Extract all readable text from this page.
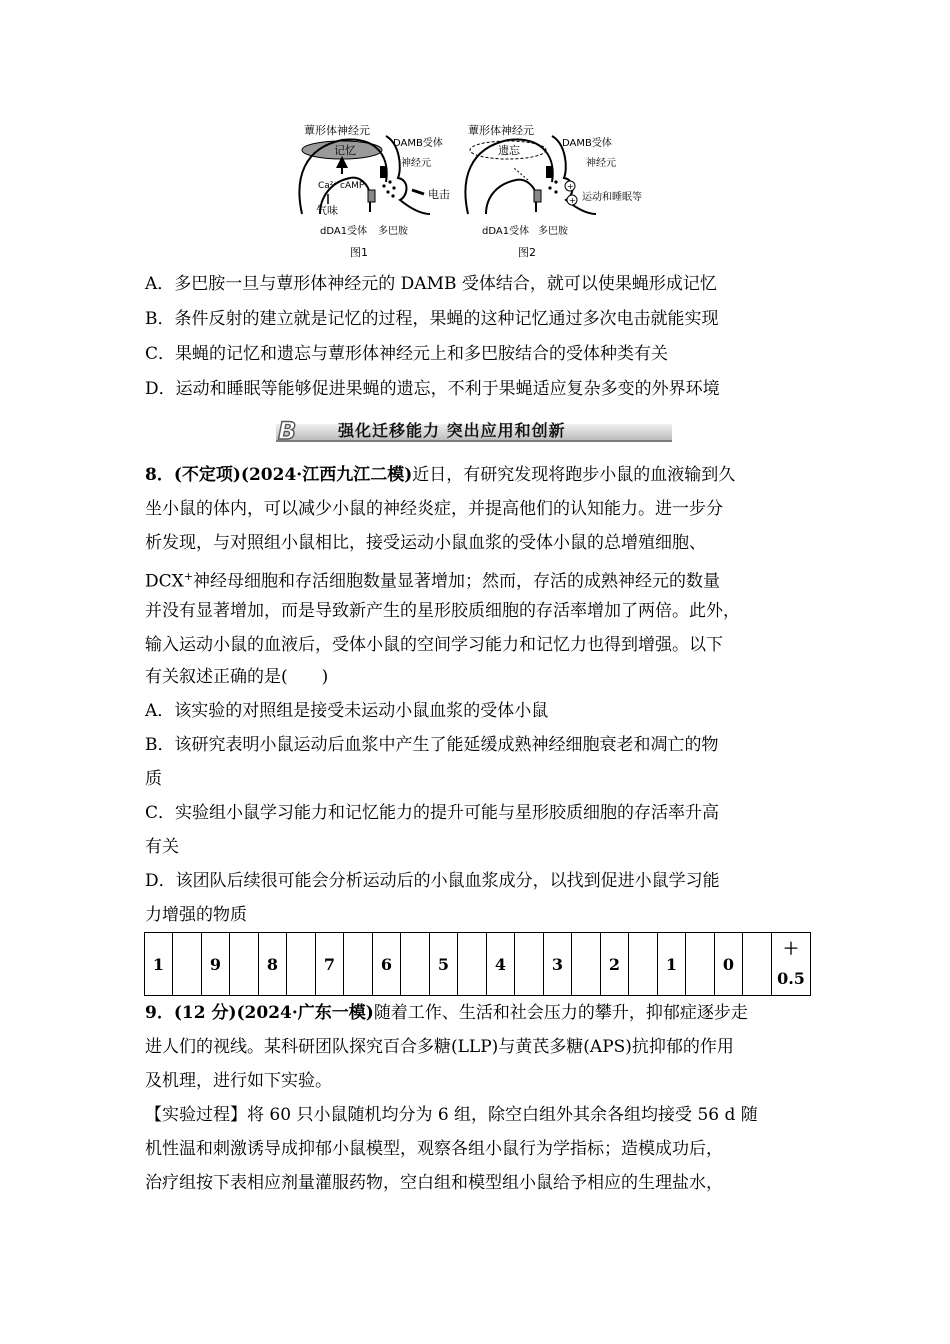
蕈形体神经元
记忆
Ca²⁺ cAMP
气味
DAMB受体
神经元
电击
dDA1受体 多巴胺
图1
蕈形体神经元
遗忘
+
+
DAMB受体
神经元
运动和睡眠等
dDA1受体 多巴胺
图2
A．多巴胺一旦与蕈形体神经元的 DAMB 受体结合，就可以使果蝇形成记忆
B．条件反射的建立就是记忆的过程，果蝇的这种记忆通过多次电击就能实现
C．果蝇的记忆和遗忘与蕈形体神经元上和多巴胺结合的受体种类有关
D．运动和睡眠等能够促进果蝇的遗忘，不利于果蝇适应复杂多变的外界环境
B	强化迁移能力 突出应用和创新
8．(不定项)(2024·江西九江二模)近日，有研究发现将跑步小鼠的血液输到久
坐小鼠的体内，可以减少小鼠的神经炎症，并提高他们的认知能力。进一步分
析发现，与对照组小鼠相比，接受运动小鼠血浆的受体小鼠的总增殖细胞、
DCX+神经母细胞和存活细胞数量显著增加；然而，存活的成熟神经元的数量
并没有显著增加，而是导致新产生的星形胶质细胞的存活率增加了两倍。此外，
输入运动小鼠的血液后，受体小鼠的空间学习能力和记忆力也得到增强。以下
有关叙述正确的是(　　)
A．该实验的对照组是接受未运动小鼠血浆的受体小鼠
B．该研究表明小鼠运动后血浆中产生了能延缓成熟神经细胞衰老和凋亡的物
质
C．实验组小鼠学习能力和记忆能力的提升可能与星形胶质细胞的存活率升高
有关
D．该团队后续很可能会分析运动后的小鼠血浆成分，以找到促进小鼠学习能
力增强的物质
1		9		8		7		6		5		4		3		2		1		0		＋
0.5
9．(12 分)(2024·广东一模)随着工作、生活和社会压力的攀升，抑郁症逐步走
进人们的视线。某科研团队探究百合多糖(LLP)与黄芪多糖(APS)抗抑郁的作用
及机理，进行如下实验。
【实验过程】将 60 只小鼠随机均分为 6 组，除空白组外其余各组均接受 56 d 随
机性温和刺激诱导成抑郁小鼠模型，观察各组小鼠行为学指标；造模成功后，
治疗组按下表相应剂量灌服药物，空白组和模型组小鼠给予相应的生理盐水，
